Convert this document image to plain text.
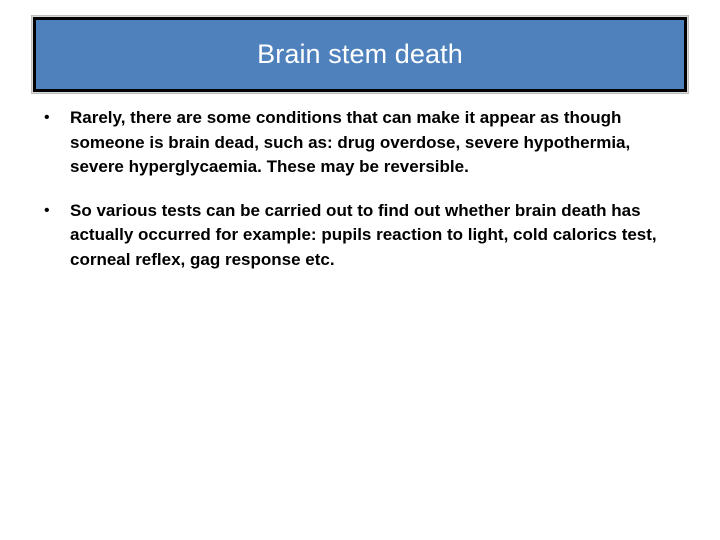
Brain stem death
• Rarely, there are some conditions that can make it appear as though someone is brain dead, such as: drug overdose, severe hypothermia, severe hyperglycaemia. These may be reversible.
• So various tests can be carried out to find out whether brain death has actually occurred for example: pupils reaction to light, cold calorics test, corneal reflex, gag response etc.
